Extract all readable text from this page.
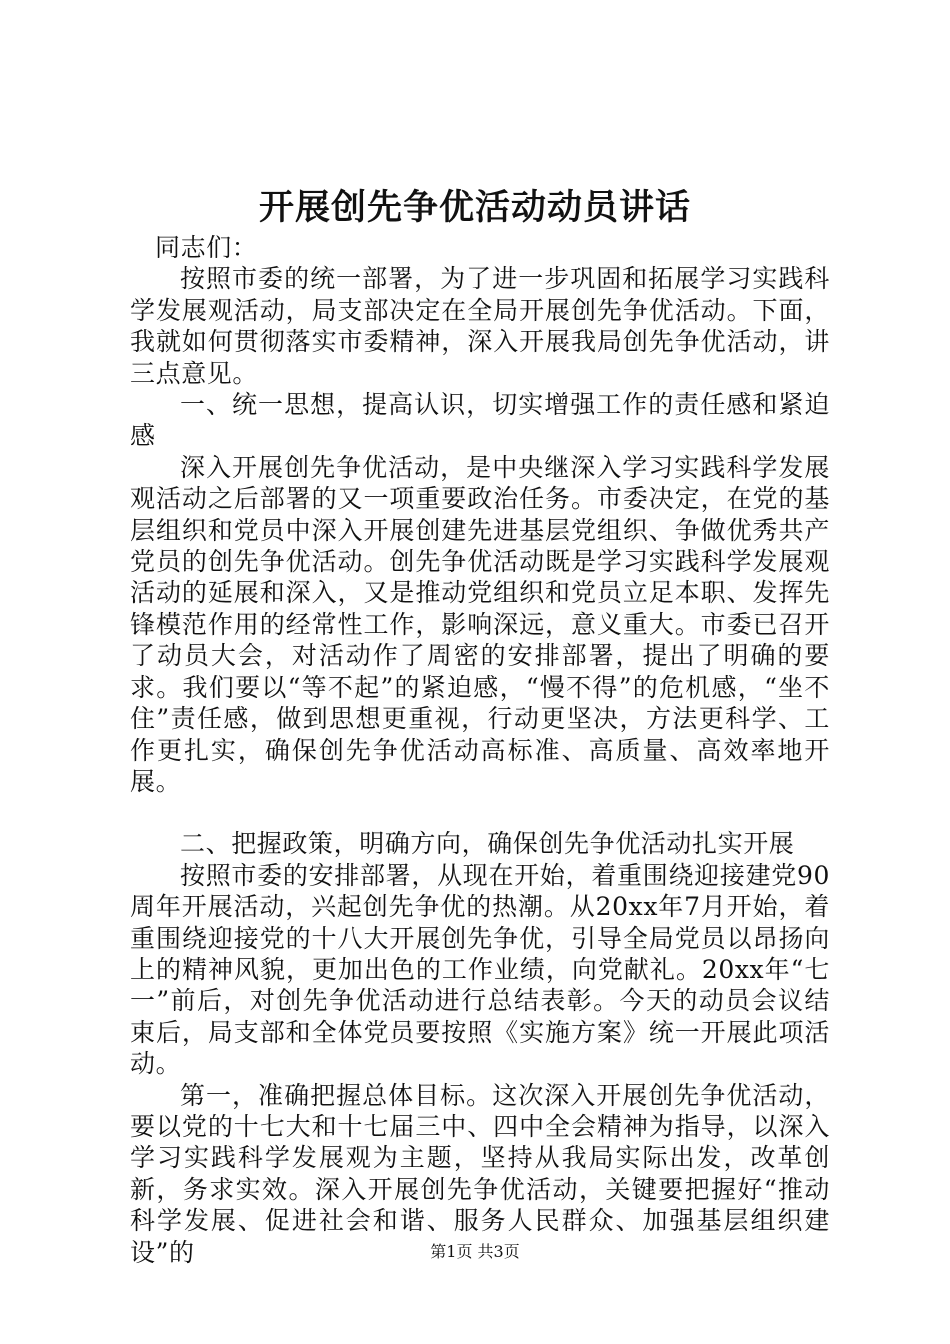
开展创先争优活动动员讲话

同志们：

按照市委的统一部署，为了进一步巩固和拓展学习实践科学发展观活动，局支部决定在全局开展创先争优活动。下面，我就如何贯彻落实市委精神，深入开展我局创先争优活动，讲三点意见。

一、统一思想，提高认识，切实增强工作的责任感和紧迫感

深入开展创先争优活动，是中央继深入学习实践科学发展观活动之后部署的又一项重要政治任务。市委决定，在党的基层组织和党员中深入开展创建先进基层党组织、争做优秀共产党员的创先争优活动。创先争优活动既是学习实践科学发展观活动的延展和深入，又是推动党组织和党员立足本职、发挥先锋模范作用的经常性工作，影响深远，意义重大。市委已召开了动员大会，对活动作了周密的安排部署，提出了明确的要求。我们要以“等不起”的紧迫感，“慢不得”的危机感，“坐不住”责任感，做到思想更重视，行动更坚决，方法更科学、工作更扎实，确保创先争优活动高标准、高质量、高效率地开展。

二、把握政策，明确方向，确保创先争优活动扎实开展

按照市委的安排部署，从现在开始，着重围绕迎接建党90周年开展活动，兴起创先争优的热潮。从20xx年7月开始，着重围绕迎接党的十八大开展创先争优，引导全局党员以昂扬向上的精神风貌，更加出色的工作业绩，向党献礼。20xx年“七一”前后，对创先争优活动进行总结表彰。今天的动员会议结束后，局支部和全体党员要按照《实施方案》统一开展此项活动。

第一，准确把握总体目标。这次深入开展创先争优活动，要以党的十七大和十七届三中、四中全会精神为指导，以深入学习实践科学发展观为主题，坚持从我局实际出发，改革创新，务求实效。深入开展创先争优活动，关键要把握好“推动科学发展、促进社会和谐、服务人民群众、加强基层组织建设”的	第1页 共3页
